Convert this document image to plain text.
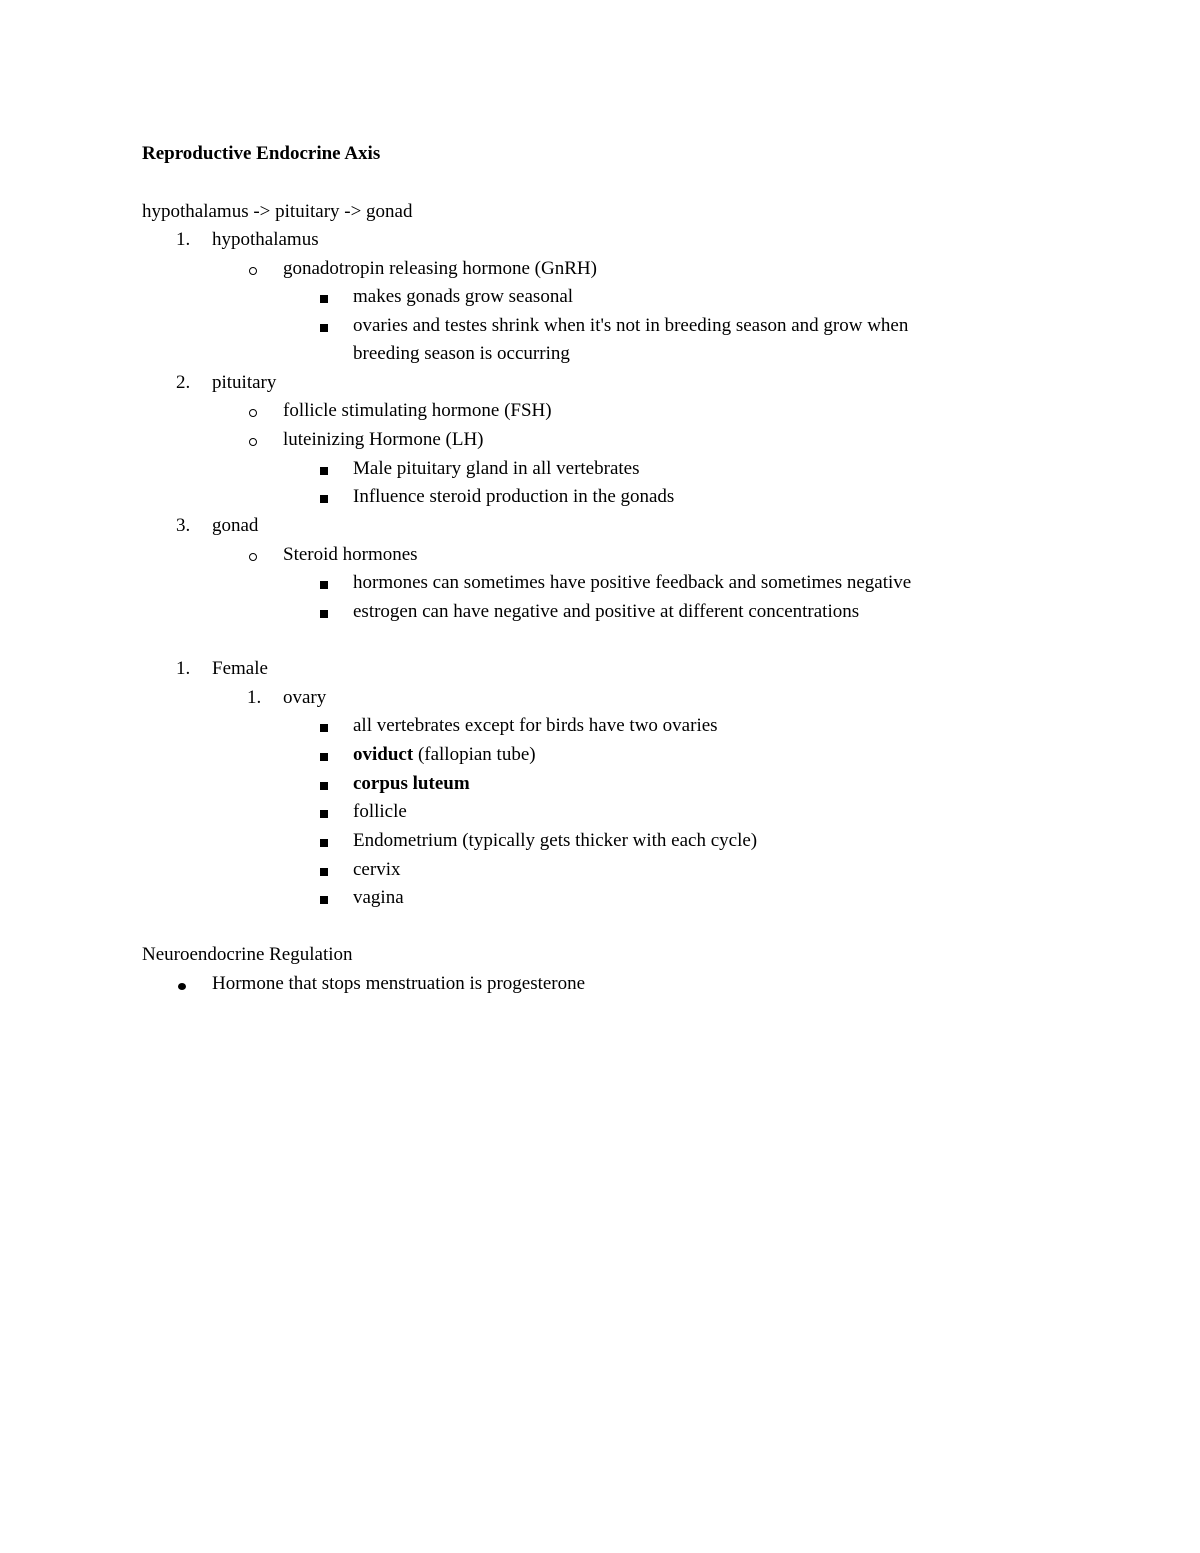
Reproductive Endocrine Axis
hypothalamus -> pituitary -> gonad
1. hypothalamus
gonadotropin releasing hormone (GnRH)
makes gonads grow seasonal
ovaries and testes shrink when it's not in breeding season and grow when
breeding season is occurring
2. pituitary
follicle stimulating hormone (FSH)
luteinizing Hormone (LH)
Male pituitary gland in all vertebrates
Influence steroid production in the gonads
3. gonad
Steroid hormones
hormones can sometimes have positive feedback and sometimes negative
estrogen can have negative and positive at different concentrations
1. Female
1. ovary
all vertebrates except for birds have two ovaries
oviduct (fallopian tube)
corpus luteum
follicle
Endometrium (typically gets thicker with each cycle)
cervix
vagina
Neuroendocrine Regulation
Hormone that stops menstruation is progesterone
